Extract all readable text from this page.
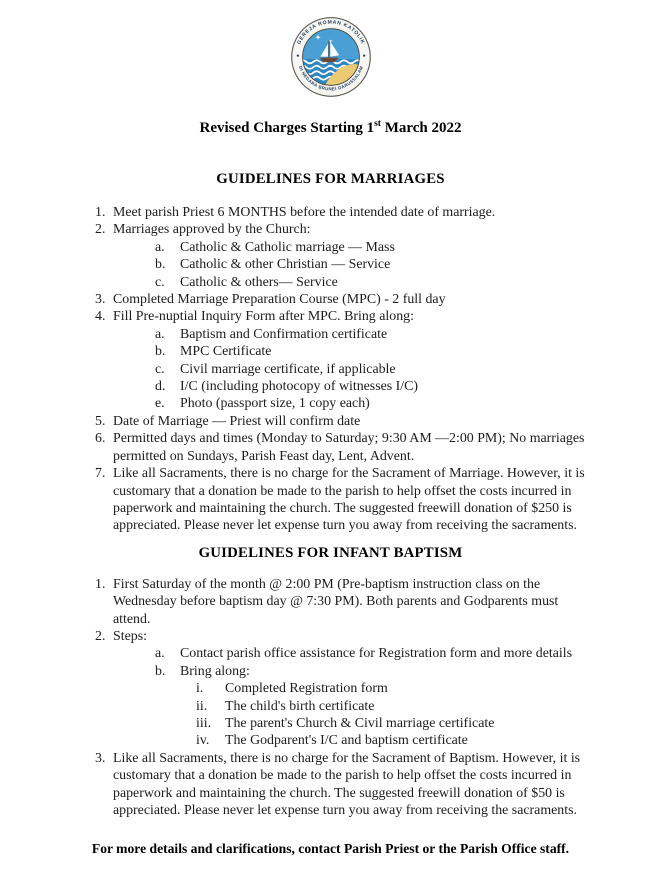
GEREJA ROMAN KATOLIK
DI NEGARA BRUNEI DARUSSALAM
Revised Charges Starting 1st March 2022
GUIDELINES FOR MARRIAGES
1. Meet parish Priest 6 MONTHS before the intended date of marriage.
2. Marriages approved by the Church:
a.	Catholic & Catholic marriage — Mass
b.	Catholic & other Christian — Service
c.	Catholic & others— Service
3. Completed Marriage Preparation Course (MPC) - 2 full day
4. Fill Pre-nuptial Inquiry Form after MPC. Bring along:
a.	Baptism and Confirmation certificate
b.	MPC Certificate
c.	Civil marriage certificate, if applicable
d.	I/C (including photocopy of witnesses I/C)
e.	Photo (passport size, 1 copy each)
5. Date of Marriage — Priest will confirm date
6. Permitted days and times (Monday to Saturday; 9:30 AM —2:00 PM); No marriages permitted on Sundays, Parish Feast day, Lent, Advent.
7. Like all Sacraments, there is no charge for the Sacrament of Marriage. However, it is customary that a donation be made to the parish to help offset the costs incurred in paperwork and maintaining the church. The suggested freewill donation of $250 is appreciated. Please never let expense turn you away from receiving the sacraments.
GUIDELINES FOR INFANT BAPTISM
1. First Saturday of the month @ 2:00 PM (Pre-baptism instruction class on the Wednesday before baptism day @ 7:30 PM). Both parents and Godparents must attend.
2. Steps:
a.	Contact parish office assistance for Registration form and more details
b.	Bring along:
i.	Completed Registration form
ii.	The child's birth certificate
iii.	The parent's Church & Civil marriage certificate
iv.	The Godparent's I/C and baptism certificate
3. Like all Sacraments, there is no charge for the Sacrament of Baptism. However, it is customary that a donation be made to the parish to help offset the costs incurred in paperwork and maintaining the church. The suggested freewill donation of $50 is appreciated. Please never let expense turn you away from receiving the sacraments.
For more details and clarifications, contact Parish Priest or the Parish Office staff.
